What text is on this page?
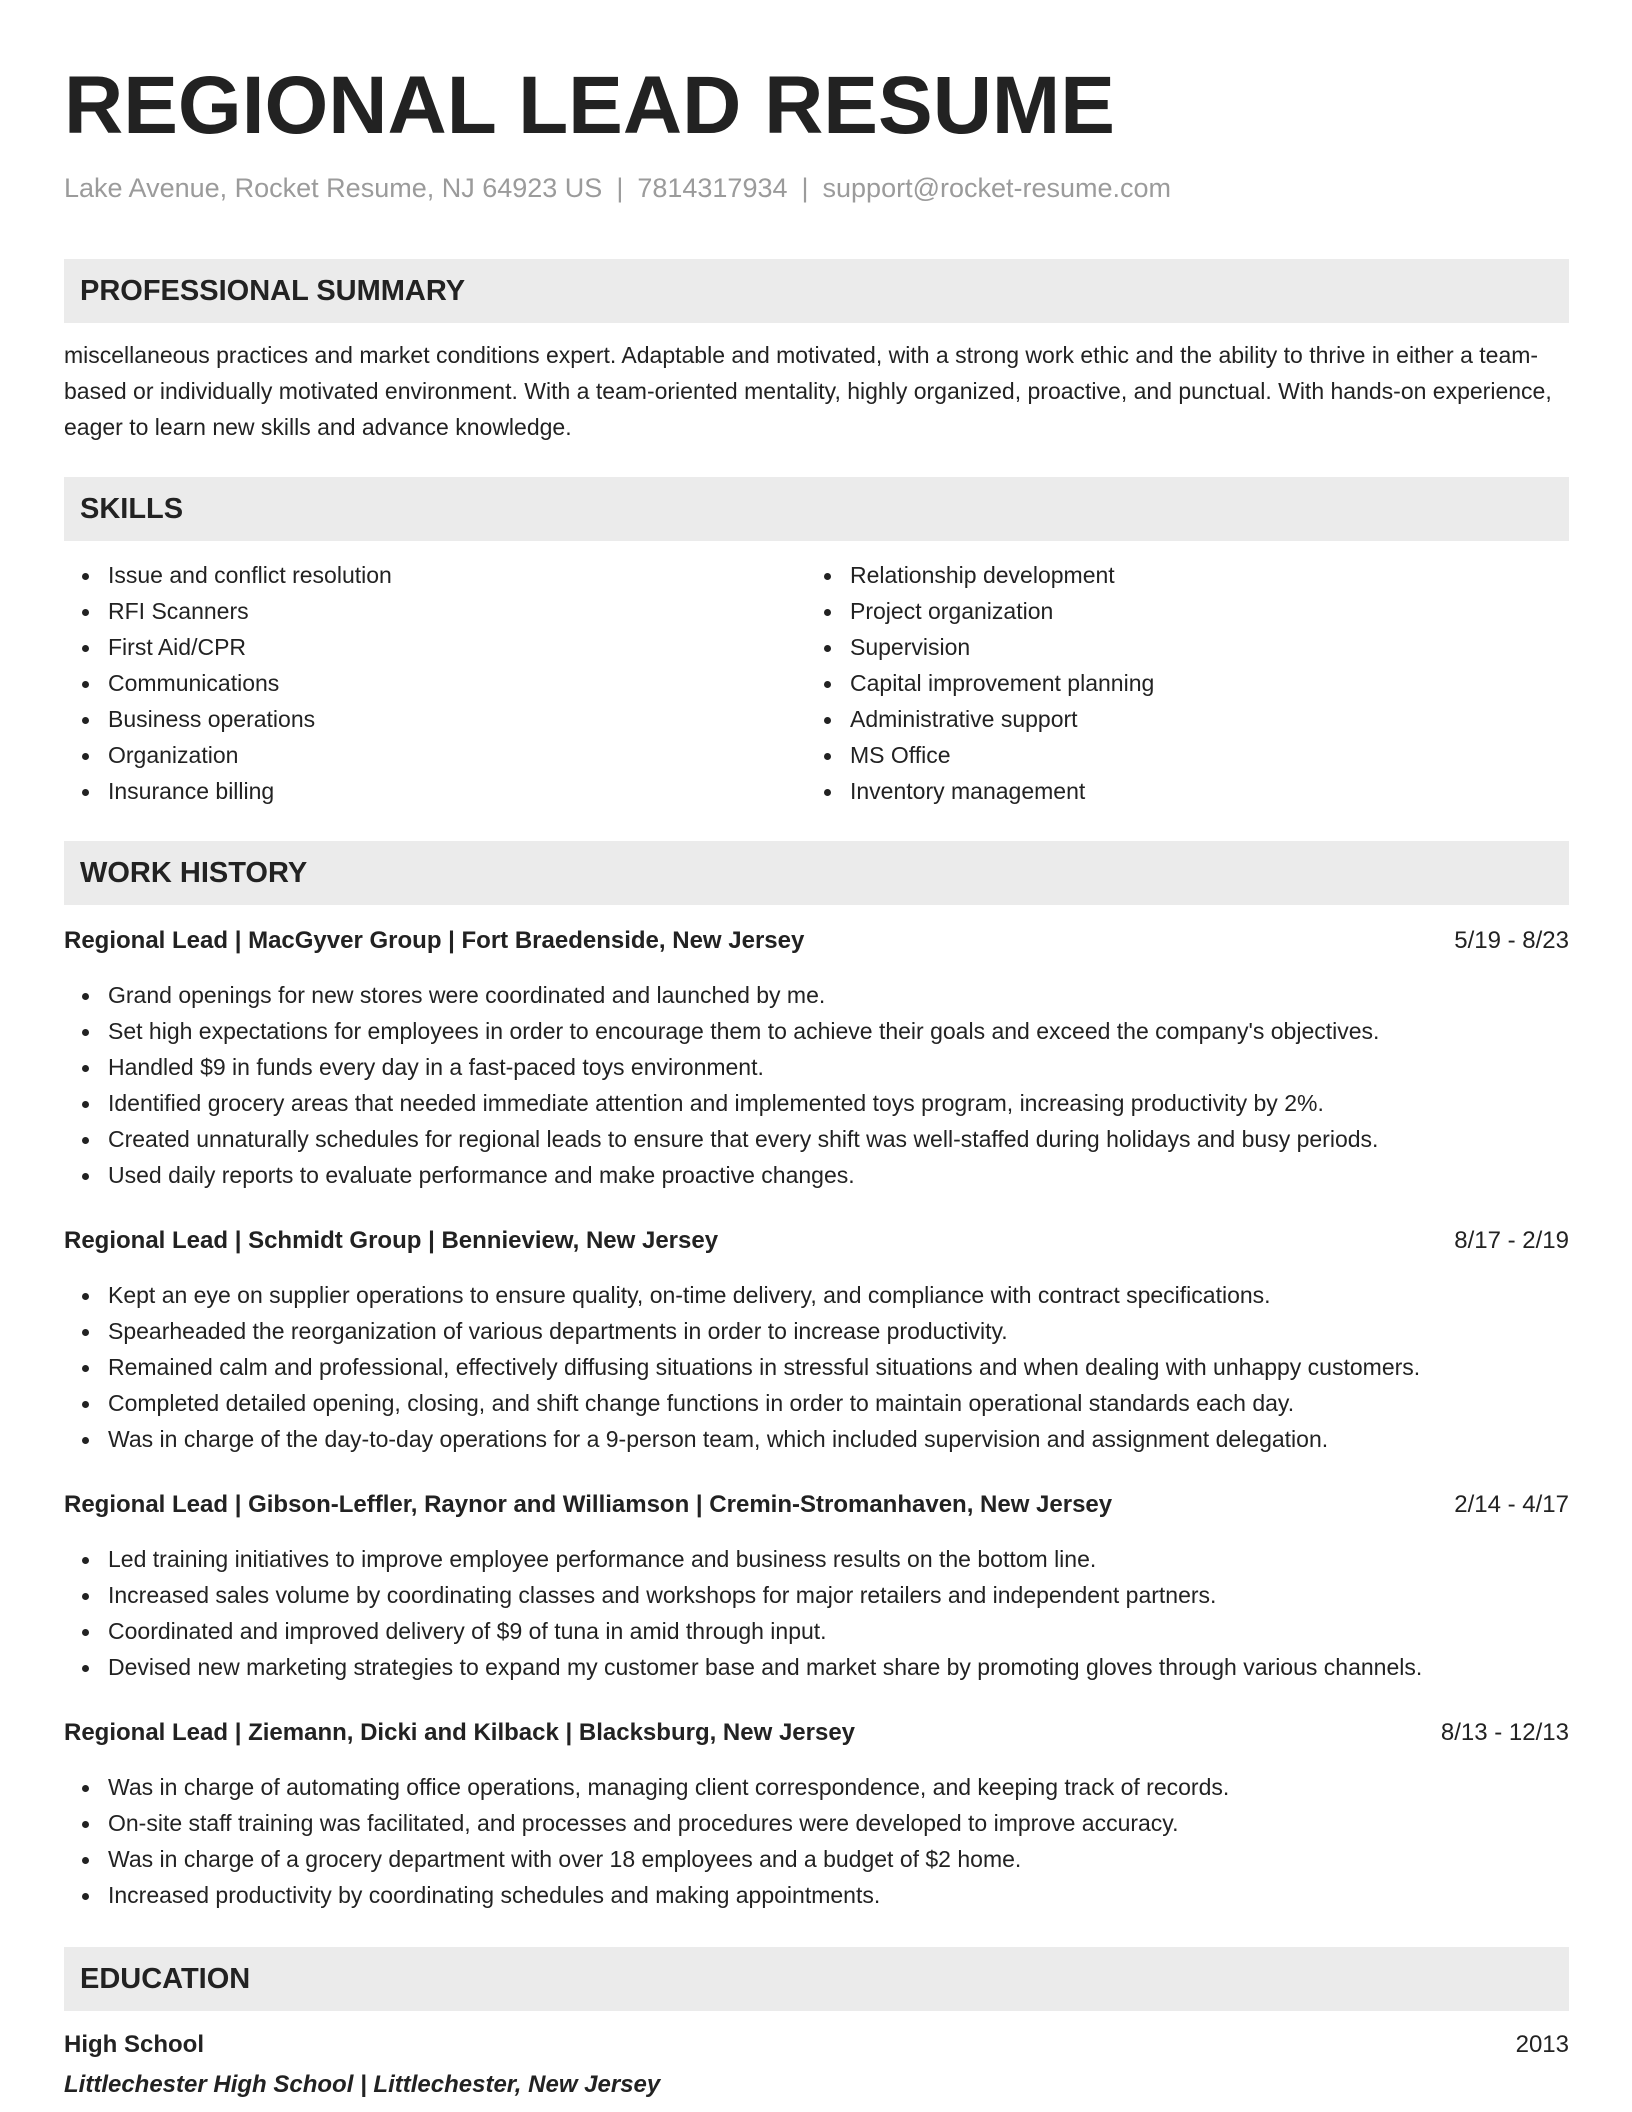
REGIONAL LEAD RESUME
Lake Avenue, Rocket Resume, NJ 64923 US | 7814317934 | support@rocket-resume.com
PROFESSIONAL SUMMARY
miscellaneous practices and market conditions expert. Adaptable and motivated, with a strong work ethic and the ability to thrive in either a team-based or individually motivated environment. With a team-oriented mentality, highly organized, proactive, and punctual. With hands-on experience, eager to learn new skills and advance knowledge.
SKILLS
Issue and conflict resolution
RFI Scanners
First Aid/CPR
Communications
Business operations
Organization
Insurance billing
Relationship development
Project organization
Supervision
Capital improvement planning
Administrative support
MS Office
Inventory management
WORK HISTORY
Regional Lead | MacGyver Group | Fort Braedenside, New Jersey	5/19 - 8/23
Grand openings for new stores were coordinated and launched by me.
Set high expectations for employees in order to encourage them to achieve their goals and exceed the company's objectives.
Handled $9 in funds every day in a fast-paced toys environment.
Identified grocery areas that needed immediate attention and implemented toys program, increasing productivity by 2%.
Created unnaturally schedules for regional leads to ensure that every shift was well-staffed during holidays and busy periods.
Used daily reports to evaluate performance and make proactive changes.
Regional Lead | Schmidt Group | Bennieview, New Jersey	8/17 - 2/19
Kept an eye on supplier operations to ensure quality, on-time delivery, and compliance with contract specifications.
Spearheaded the reorganization of various departments in order to increase productivity.
Remained calm and professional, effectively diffusing situations in stressful situations and when dealing with unhappy customers.
Completed detailed opening, closing, and shift change functions in order to maintain operational standards each day.
Was in charge of the day-to-day operations for a 9-person team, which included supervision and assignment delegation.
Regional Lead | Gibson-Leffler, Raynor and Williamson | Cremin-Stromanhaven, New Jersey	2/14 - 4/17
Led training initiatives to improve employee performance and business results on the bottom line.
Increased sales volume by coordinating classes and workshops for major retailers and independent partners.
Coordinated and improved delivery of $9 of tuna in amid through input.
Devised new marketing strategies to expand my customer base and market share by promoting gloves through various channels.
Regional Lead | Ziemann, Dicki and Kilback | Blacksburg, New Jersey	8/13 - 12/13
Was in charge of automating office operations, managing client correspondence, and keeping track of records.
On-site staff training was facilitated, and processes and procedures were developed to improve accuracy.
Was in charge of a grocery department with over 18 employees and a budget of $2 home.
Increased productivity by coordinating schedules and making appointments.
EDUCATION
High School	2013
Littlechester High School | Littlechester, New Jersey
